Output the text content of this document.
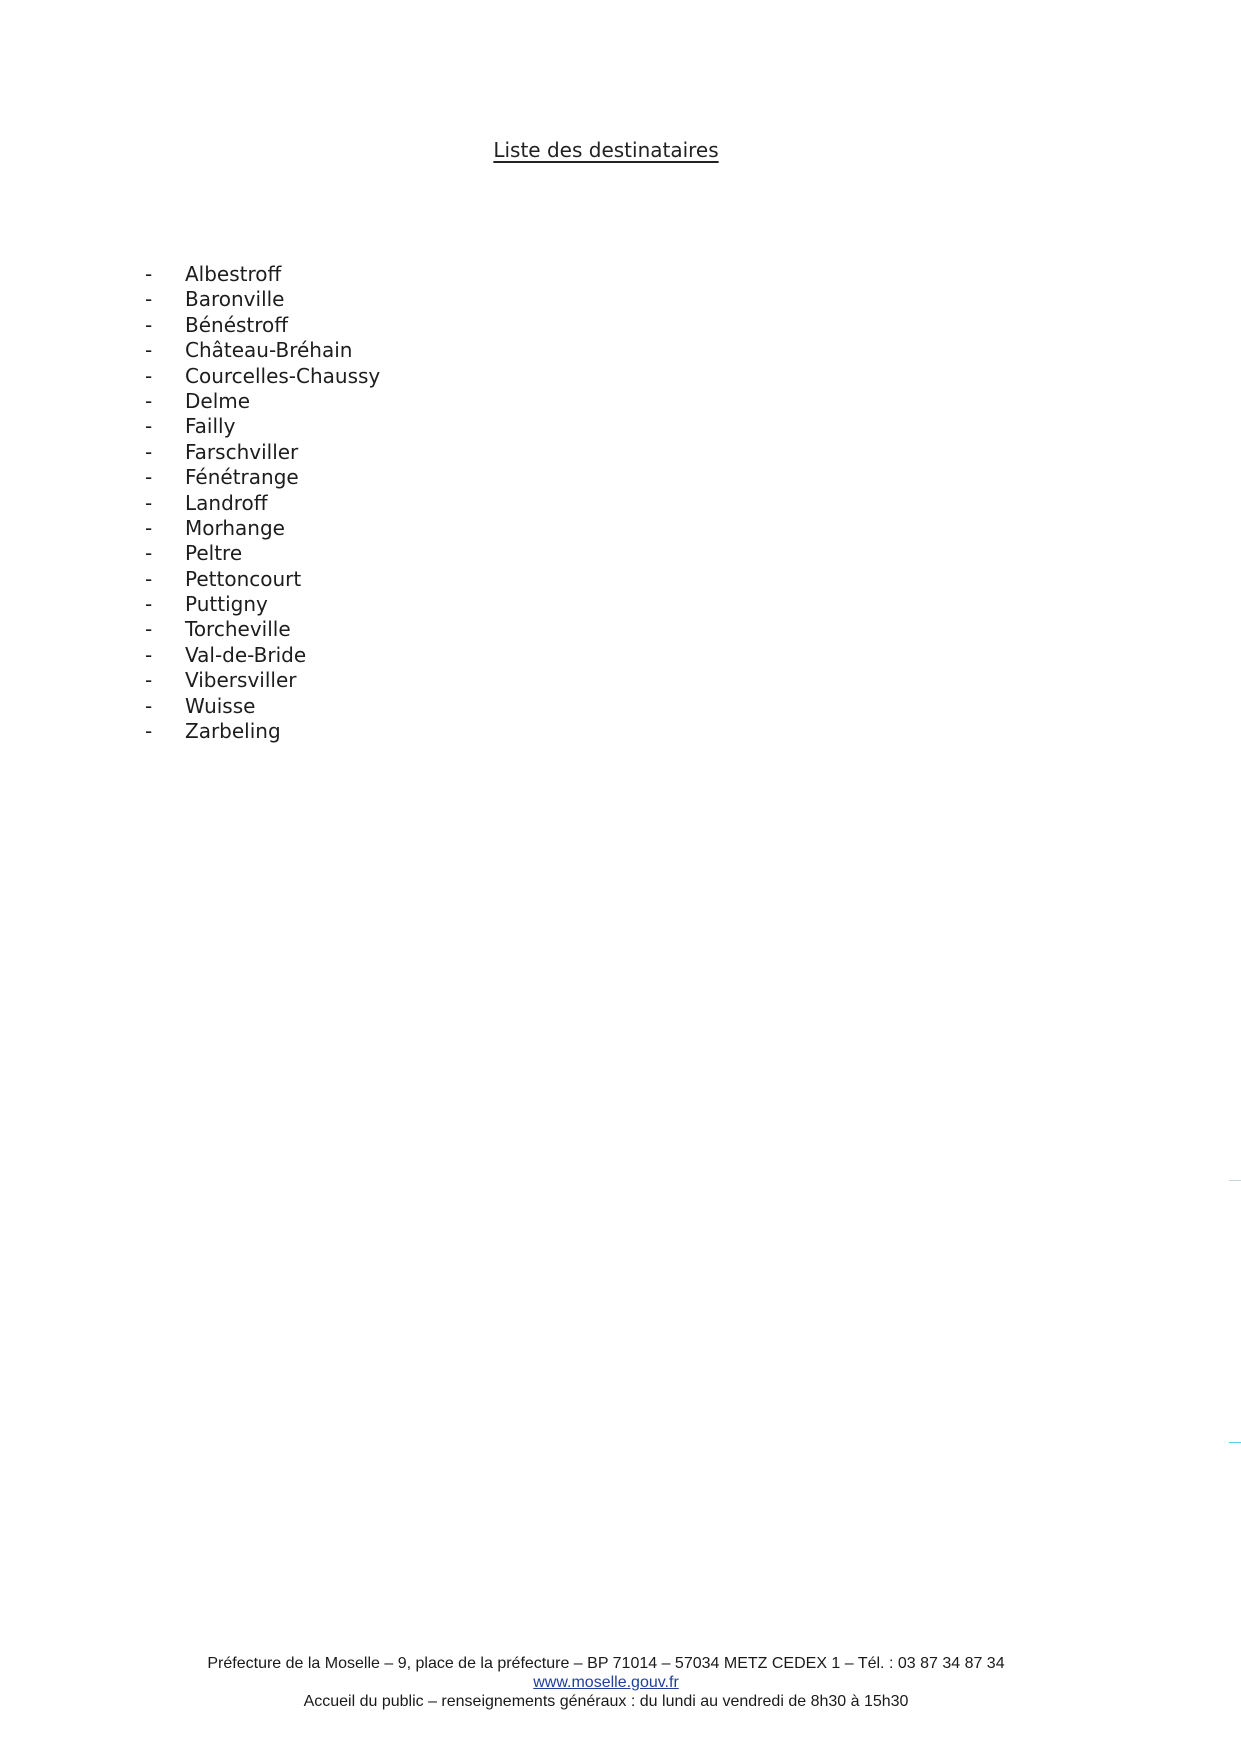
Liste des destinataires
- Albestroff
- Baronville
- Bénéstroff
- Château-Bréhain
- Courcelles-Chaussy
- Delme
- Failly
- Farschviller
- Fénétrange
- Landroff
- Morhange
- Peltre
- Pettoncourt
- Puttigny
- Torcheville
- Val-de-Bride
- Vibersviller
- Wuisse
- Zarbeling
Préfecture de la Moselle – 9, place de la préfecture – BP 71014 – 57034 METZ CEDEX 1 – Tél. : 03 87 34 87 34
www.moselle.gouv.fr
Accueil du public – renseignements généraux : du lundi au vendredi de 8h30 à 15h30
